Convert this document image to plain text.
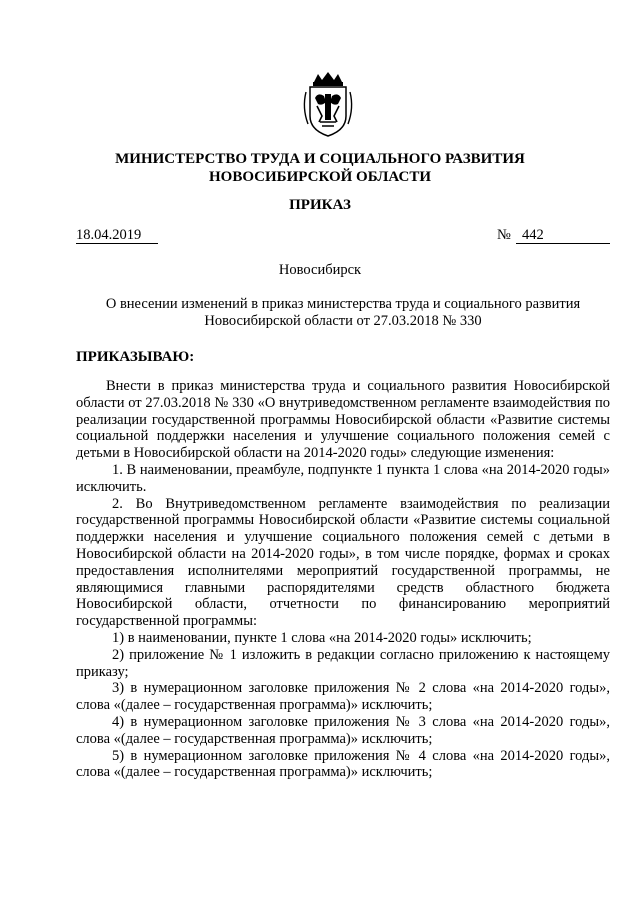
МИНИСТЕРСТВО ТРУДА И СОЦИАЛЬНОГО РАЗВИТИЯ
НОВОСИБИРСКОЙ ОБЛАСТИ
ПРИКАЗ
18.04.2019	№ 442
Новосибирск
О внесении изменений в приказ министерства труда и социального развития
Новосибирской области от 27.03.2018 № 330
ПРИКАЗЫВАЮ:

Внести в приказ министерства труда и социального развития Новосибирской области от 27.03.2018 № 330 «О внутриведомственном регламенте взаимодействия по реализации государственной программы Новосибирской области «Развитие системы социальной поддержки населения и улучшение социального положения семей с детьми в Новосибирской области на 2014-2020 годы» следующие изменения:

1. В наименовании, преамбуле, подпункте 1 пункта 1 слова «на 2014-2020 годы» исключить.

2. Во Внутриведомственном регламенте взаимодействия по реализации государственной программы Новосибирской области «Развитие системы социальной поддержки населения и улучшение социального положения семей с детьми в Новосибирской области на 2014-2020 годы», в том числе порядке, формах и сроках предоставления исполнителями мероприятий государственной программы, не являющимися главными распорядителями средств областного бюджета Новосибирской области, отчетности по финансированию мероприятий государственной программы:

1) в наименовании, пункте 1 слова «на 2014-2020 годы» исключить;

2) приложение № 1 изложить в редакции согласно приложению к настоящему приказу;

3) в нумерационном заголовке приложения № 2 слова «на 2014-2020 годы», слова «(далее – государственная программа)» исключить;

4) в нумерационном заголовке приложения № 3 слова «на 2014-2020 годы», слова «(далее – государственная программа)» исключить;

5) в нумерационном заголовке приложения № 4 слова «на 2014-2020 годы», слова «(далее – государственная программа)» исключить;
